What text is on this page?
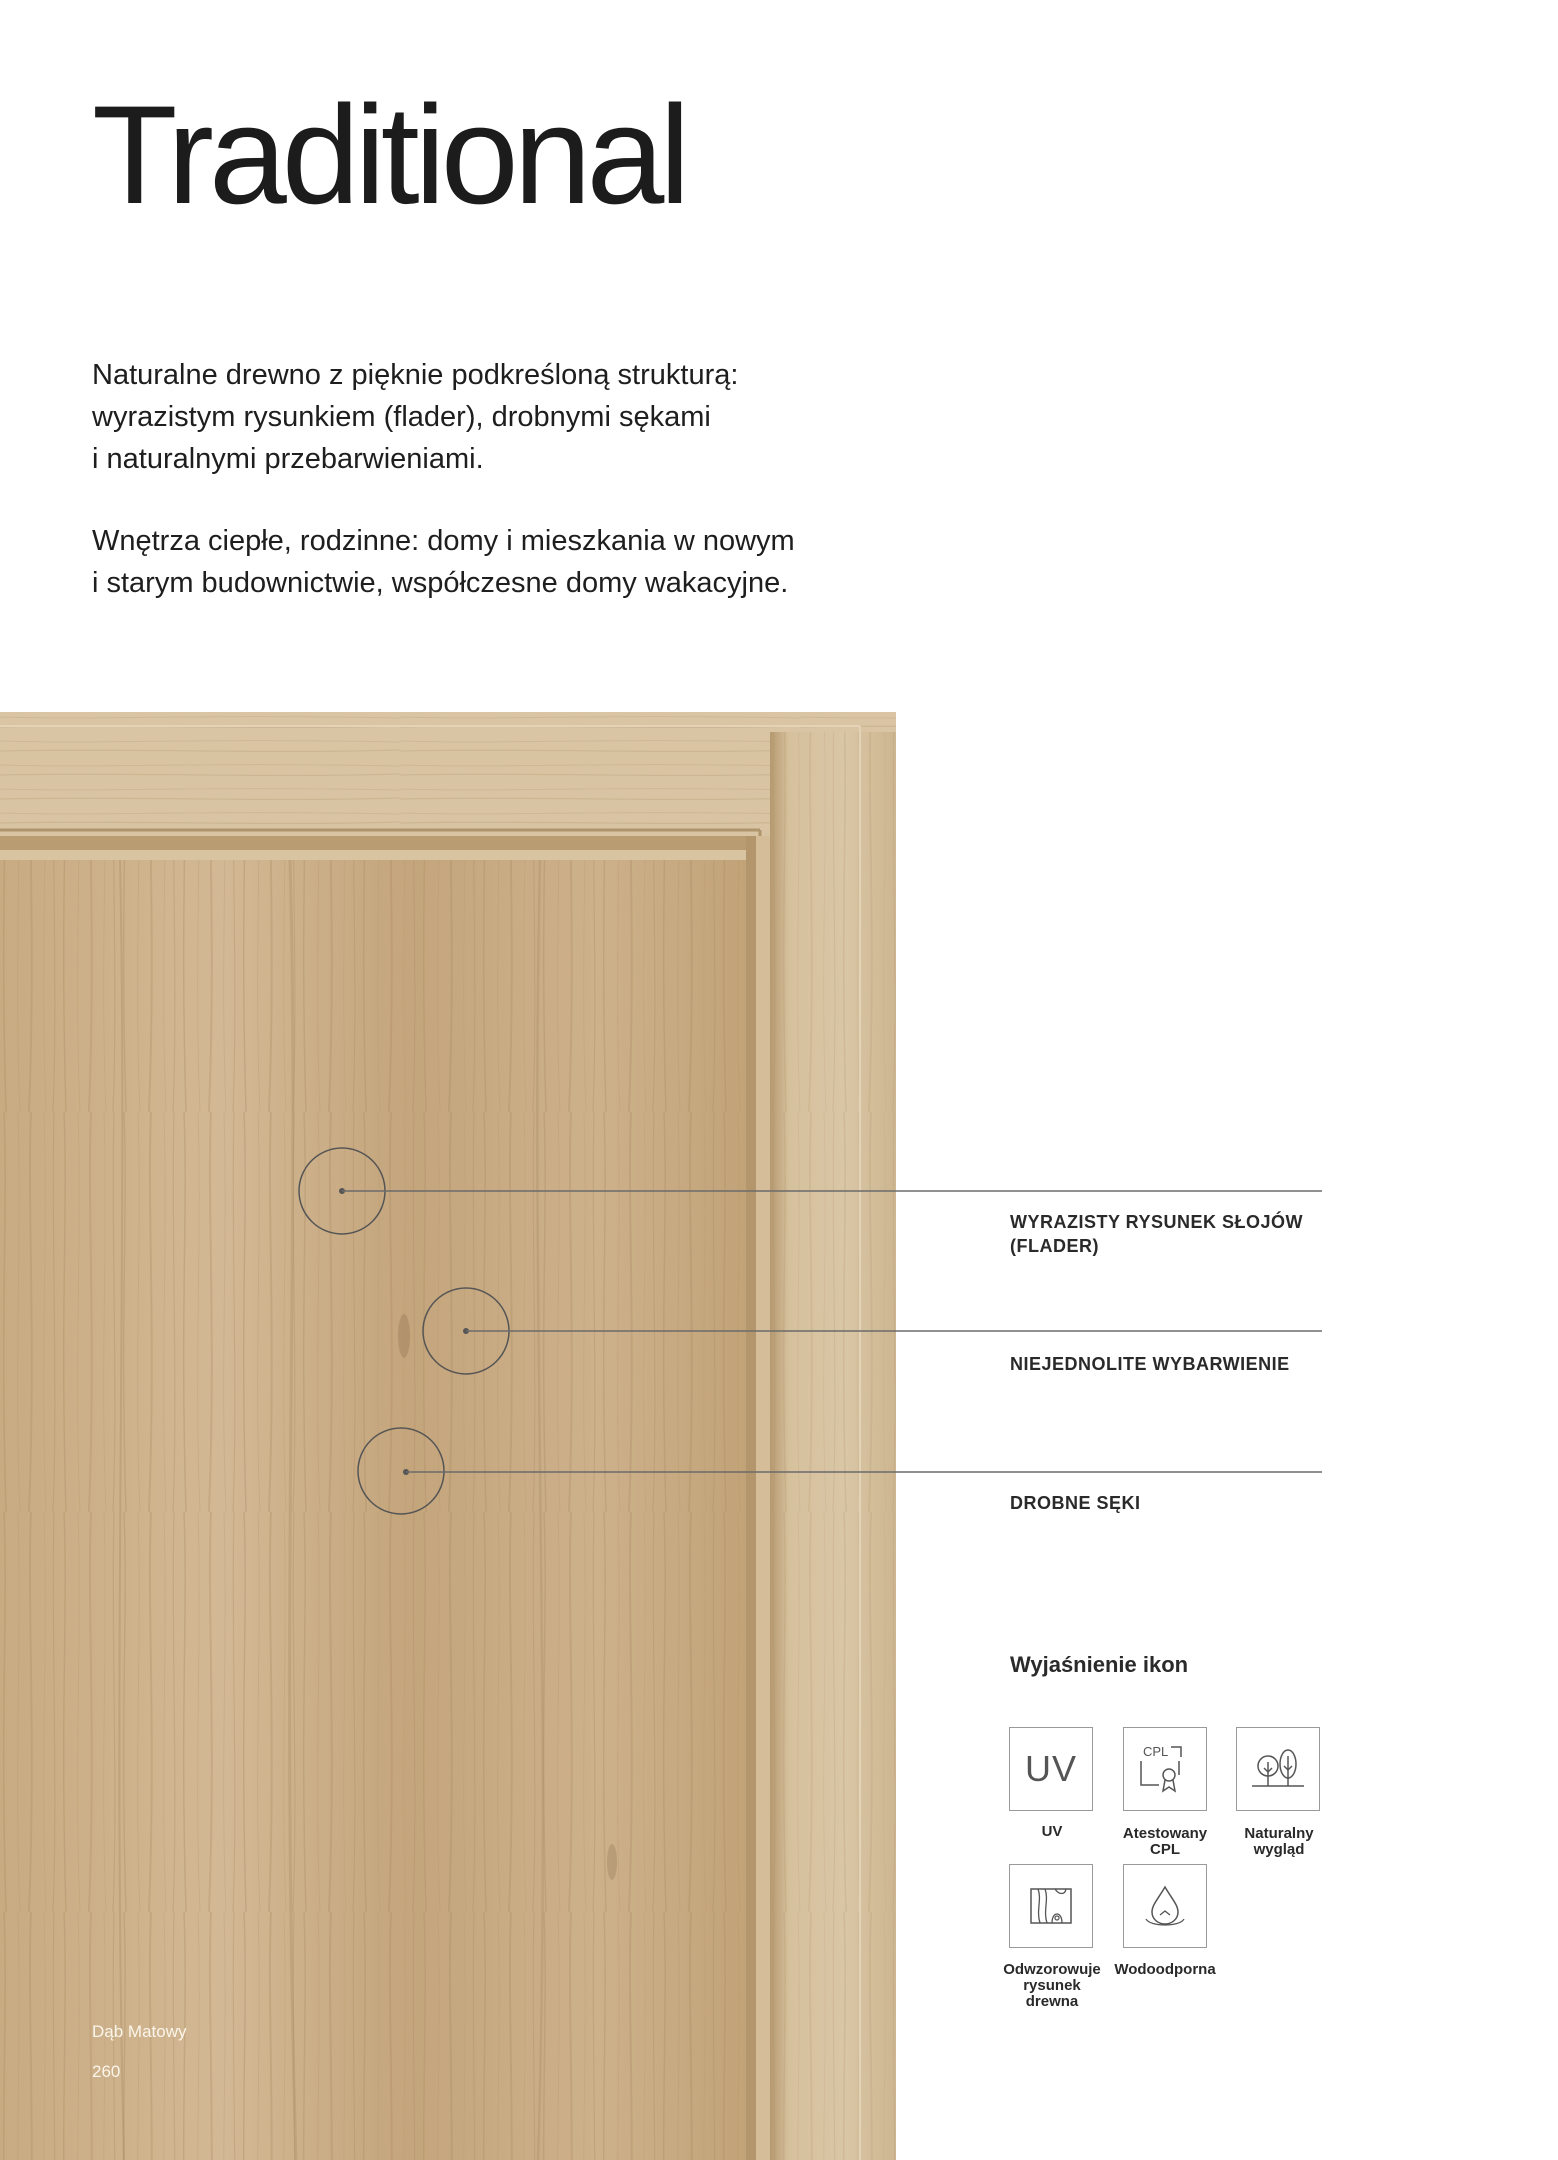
Traditional

Naturalne drewno z pięknie podkreśloną strukturą:
wyrazistym rysunkiem (flader), drobnymi sękami
i naturalnymi przebarwieniami.

Wnętrza ciepłe, rodzinne: domy i mieszkania w nowym
i starym budownictwie, współczesne domy wakacyjne.

Dąb Matowy

260

WYRAZISTY RYSUNEK SŁOJÓW
(FLADER)

NIEJEDNOLITE WYBARWIENIE

DROBNE SĘKI

Wyjaśnienie ikon

UV

UV

CPL

Atestowany
CPL

Naturalny
wygląd

Odwzorowuje
rysunek
drewna

Wodoodporna
